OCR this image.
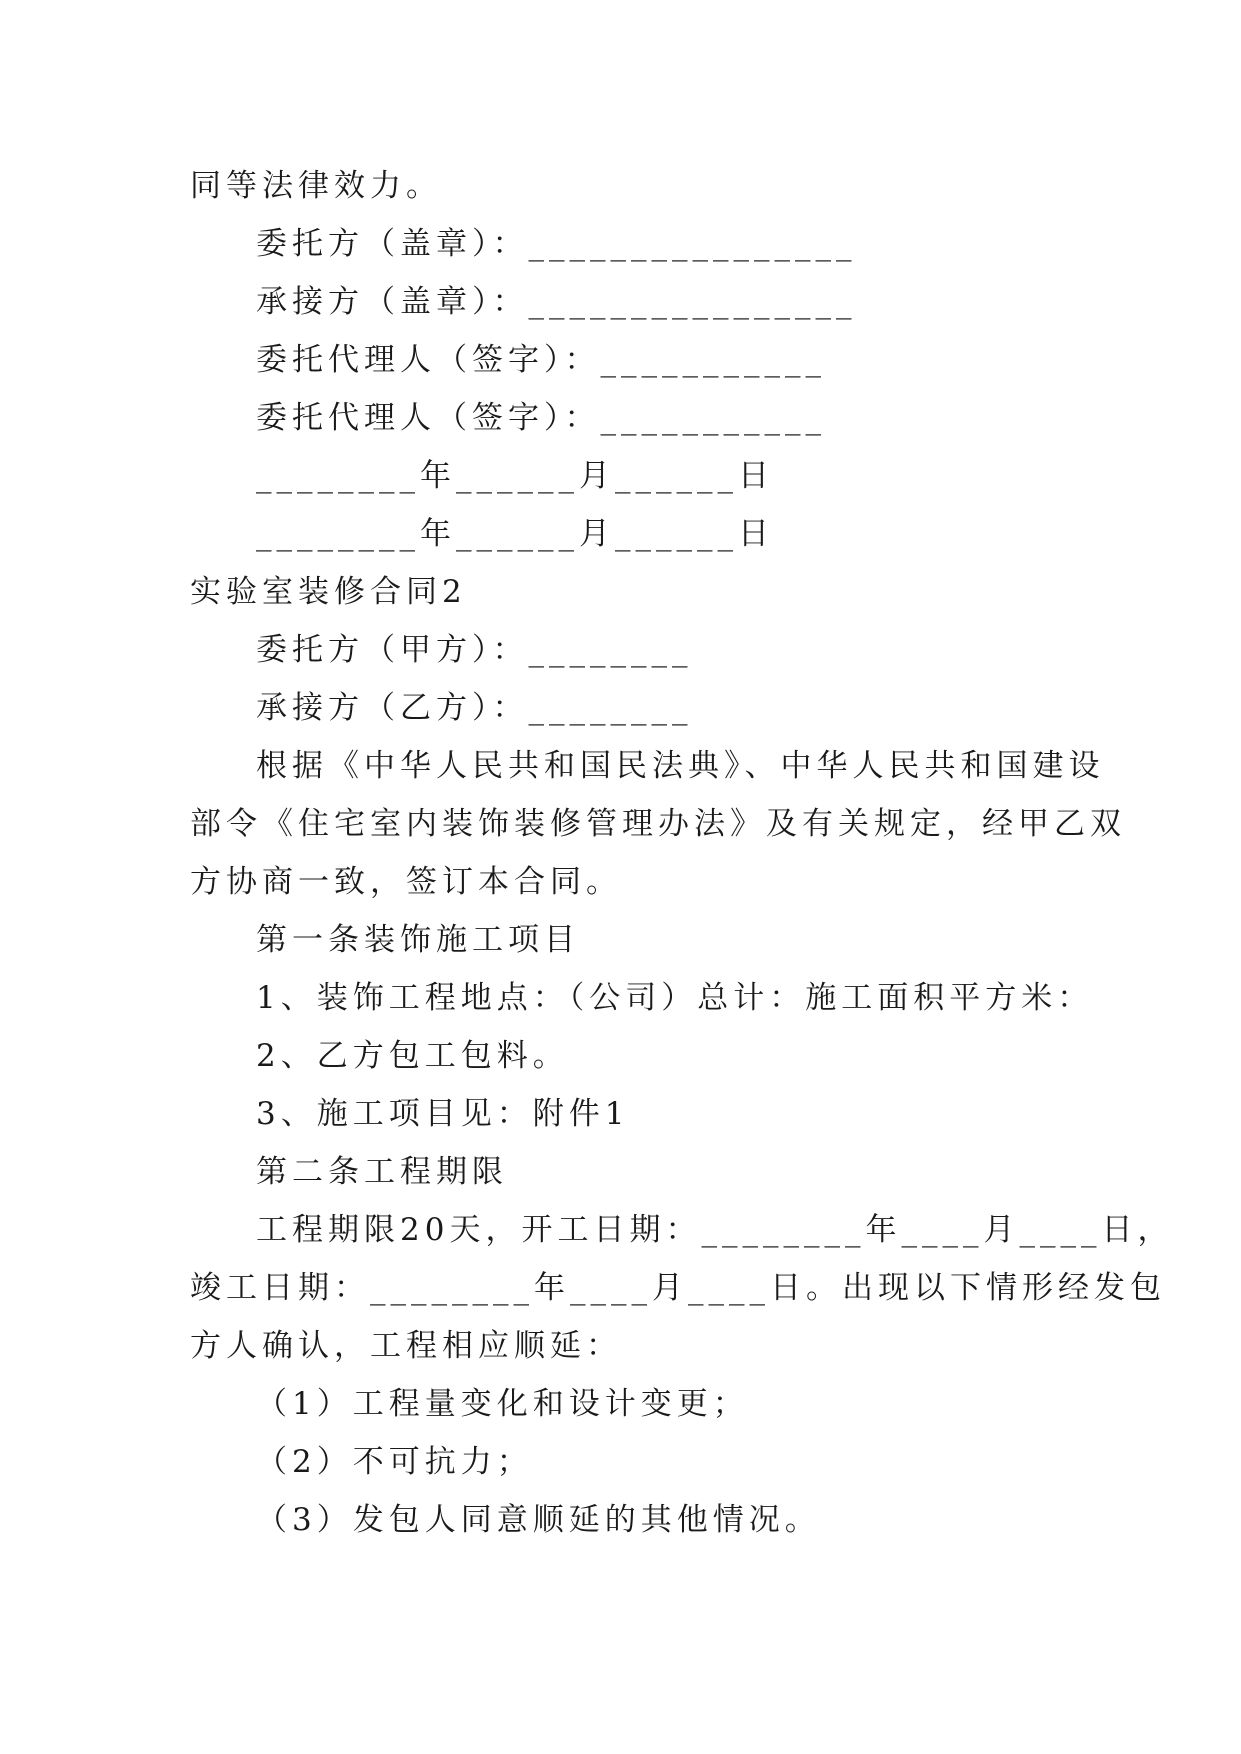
同等法律效力。
委托方（盖章）：________________
承接方（盖章）：________________
委托代理人（签字）：___________
委托代理人（签字）：___________
________年______月______日
________年______月______日
实验室装修合同2
委托方（甲方）：________
承接方（乙方）：________
根据《中华人民共和国民法典》、中华人民共和国建设
部令《住宅室内装饰装修管理办法》及有关规定，经甲乙双
方协商一致，签订本合同。
第一条装饰施工项目
1、装饰工程地点：（公司）总计：施工面积平方米：
2、乙方包工包料。
3、施工项目见：附件1
第二条工程期限
工程期限20天，开工日期：________年____月____日，
竣工日期：________年____月____日。出现以下情形经发包
方人确认，工程相应顺延：
（1）工程量变化和设计变更；
（2）不可抗力；
（3）发包人同意顺延的其他情况。
